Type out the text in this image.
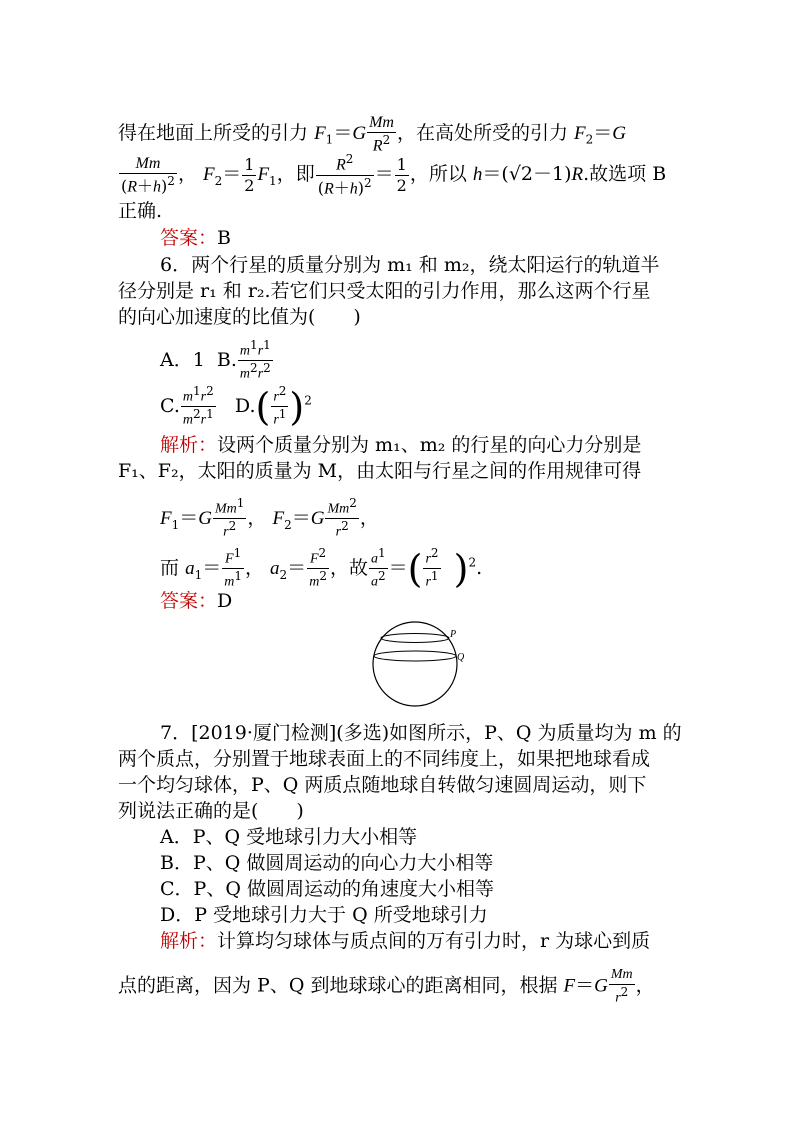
得在地面上所受的引力 $F_1=G \frac{Mm}{R^2}$ ，在高处所受的引力 $F_2=G$
$\frac{Mm}{(R+h)^2}$ ， $F_2= \frac{1}{2} F_1$，即 $\frac{R^2}{(R+h)^2} = \frac{1}{2}$ ，所以 h＝(√2－1)R.故选项 B
正确.
答案：B
6．两个行星的质量分别为 m₁ 和 m₂，绕太阳运行的轨道半
径分别是 r₁ 和 r₂.若它们只受太阳的引力作用，那么这两个行星
的向心加速度的比值为(　　)
A．1 B. $\frac{m^1r^1}{m^2r^2}$
C. $\frac{m^1r^2}{m^2r^1} D.( \frac{r^2}{r^1} )^2$
解析：设两个质量分别为 m₁、m₂ 的行星的向心力分别是
F₁、F₂，太阳的质量为 M，由太阳与行星之间的作用规律可得
$F_1=G \frac{Mm^1}{r^2}$ ， $F_2=G \frac{Mm^2}{r^2}$ ，
而 $a_1= \frac{F^1}{m^1}$ ， $a_2= \frac{F^2}{m^2}$ ，故 $\frac{a^1}{a^2}$ ＝( $\frac{r^2}{r^1} )^2$.
答案：D
P
Q
7．[2019·厦门检测](多选)如图所示，P、Q 为质量均为 m 的
两个质点，分别置于地球表面上的不同纬度上，如果把地球看成
一个均匀球体，P、Q 两质点随地球自转做匀速圆周运动，则下
列说法正确的是(　　)
A．P、Q 受地球引力大小相等
B．P、Q 做圆周运动的向心力大小相等
C．P、Q 做圆周运动的角速度大小相等
D．P 受地球引力大于 Q 所受地球引力
解析：计算均匀球体与质点间的万有引力时，r 为球心到质
点的距离，因为 P、Q 到地球球心的距离相同，根据 $F=G \frac{Mm}{r^2}$ ，
